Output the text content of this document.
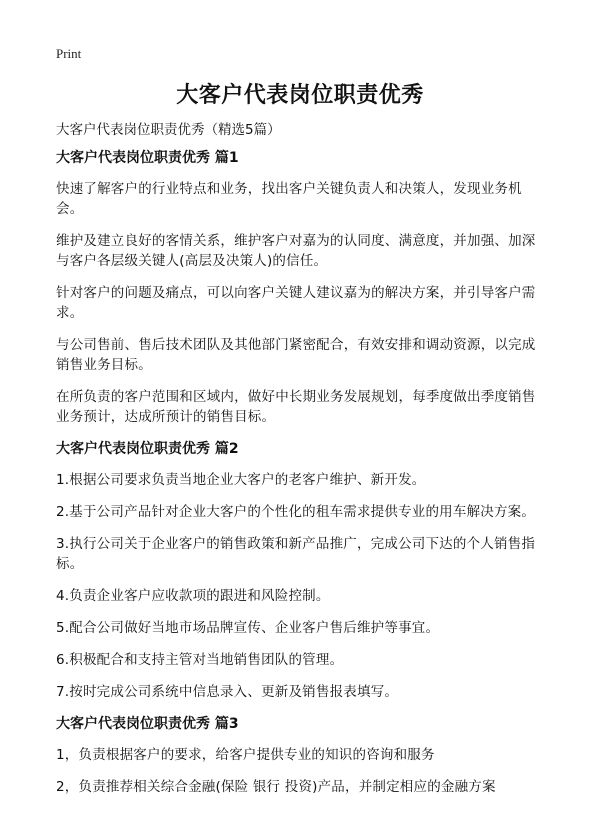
Print
大客户代表岗位职责优秀
大客户代表岗位职责优秀（精选5篇）
大客户代表岗位职责优秀 篇1

快速了解客户的行业特点和业务，找出客户关键负责人和决策人，发现业务机会。

维护及建立良好的客情关系，维护客户对嘉为的认同度、满意度，并加强、加深与客户各层级关键人(高层及决策人)的信任。

针对客户的问题及痛点，可以向客户关键人建议嘉为的解决方案，并引导客户需求。

与公司售前、售后技术团队及其他部门紧密配合，有效安排和调动资源，以完成销售业务目标。

在所负责的客户范围和区域内，做好中长期业务发展规划，每季度做出季度销售业务预计，达成所预计的销售目标。

大客户代表岗位职责优秀 篇2

1.根据公司要求负责当地企业大客户的老客户维护、新开发。

2.基于公司产品针对企业大客户的个性化的租车需求提供专业的用车解决方案。

3.执行公司关于企业客户的销售政策和新产品推广，完成公司下达的个人销售指标。

4.负责企业客户应收款项的跟进和风险控制。

5.配合公司做好当地市场品牌宣传、企业客户售后维护等事宜。

6.积极配合和支持主管对当地销售团队的管理。

7.按时完成公司系统中信息录入、更新及销售报表填写。

大客户代表岗位职责优秀 篇3

1，负责根据客户的要求，给客户提供专业的知识的咨询和服务

2，负责推荐相关综合金融(保险 银行 投资)产品，并制定相应的金融方案
